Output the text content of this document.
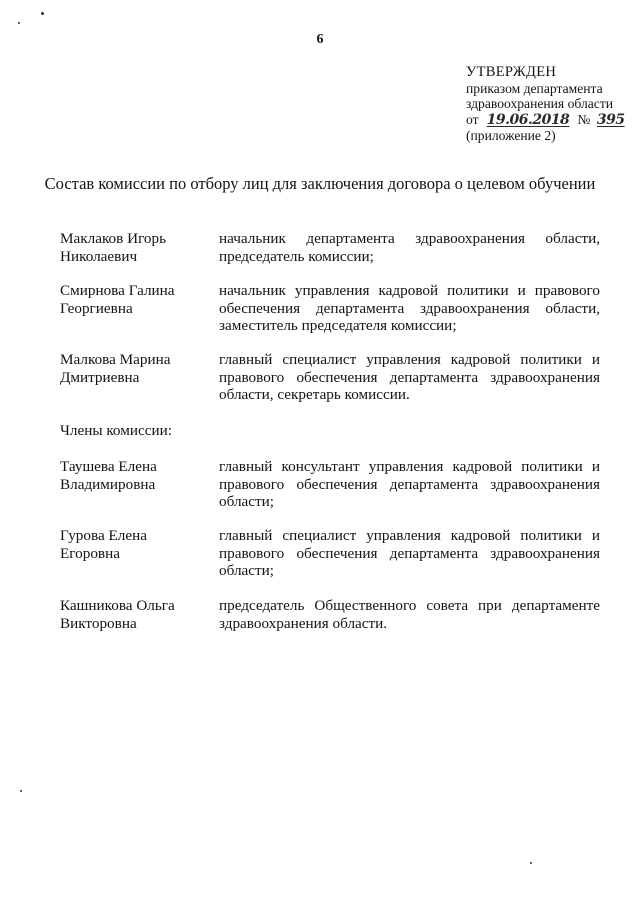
6
УТВЕРЖДЕН
приказом департамента
здравоохранения области
от 19.06.2018 № 395
(приложение 2)
Состав комиссии по отбору лиц для заключения договора о целевом обучении
Маклаков Игорь Николаевич
начальник департамента здравоохранения области, председатель комиссии;
Смирнова Галина Георгиевна
начальник управления кадровой политики и правового обеспечения департамента здравоохранения области, заместитель председателя комиссии;
Малкова Марина Дмитриевна
главный специалист управления кадровой политики и правового обеспечения департамента здравоохранения области, секретарь комиссии.
Члены комиссии:
Таушева Елена Владимировна
главный консультант управления кадровой политики и правового обеспечения департамента здравоохранения области;
Гурова Елена Егоровна
главный специалист управления кадровой политики и правового обеспечения департамента здравоохранения области;
Кашникова Ольга Викторовна
председатель Общественного совета при департаменте здравоохранения области.
